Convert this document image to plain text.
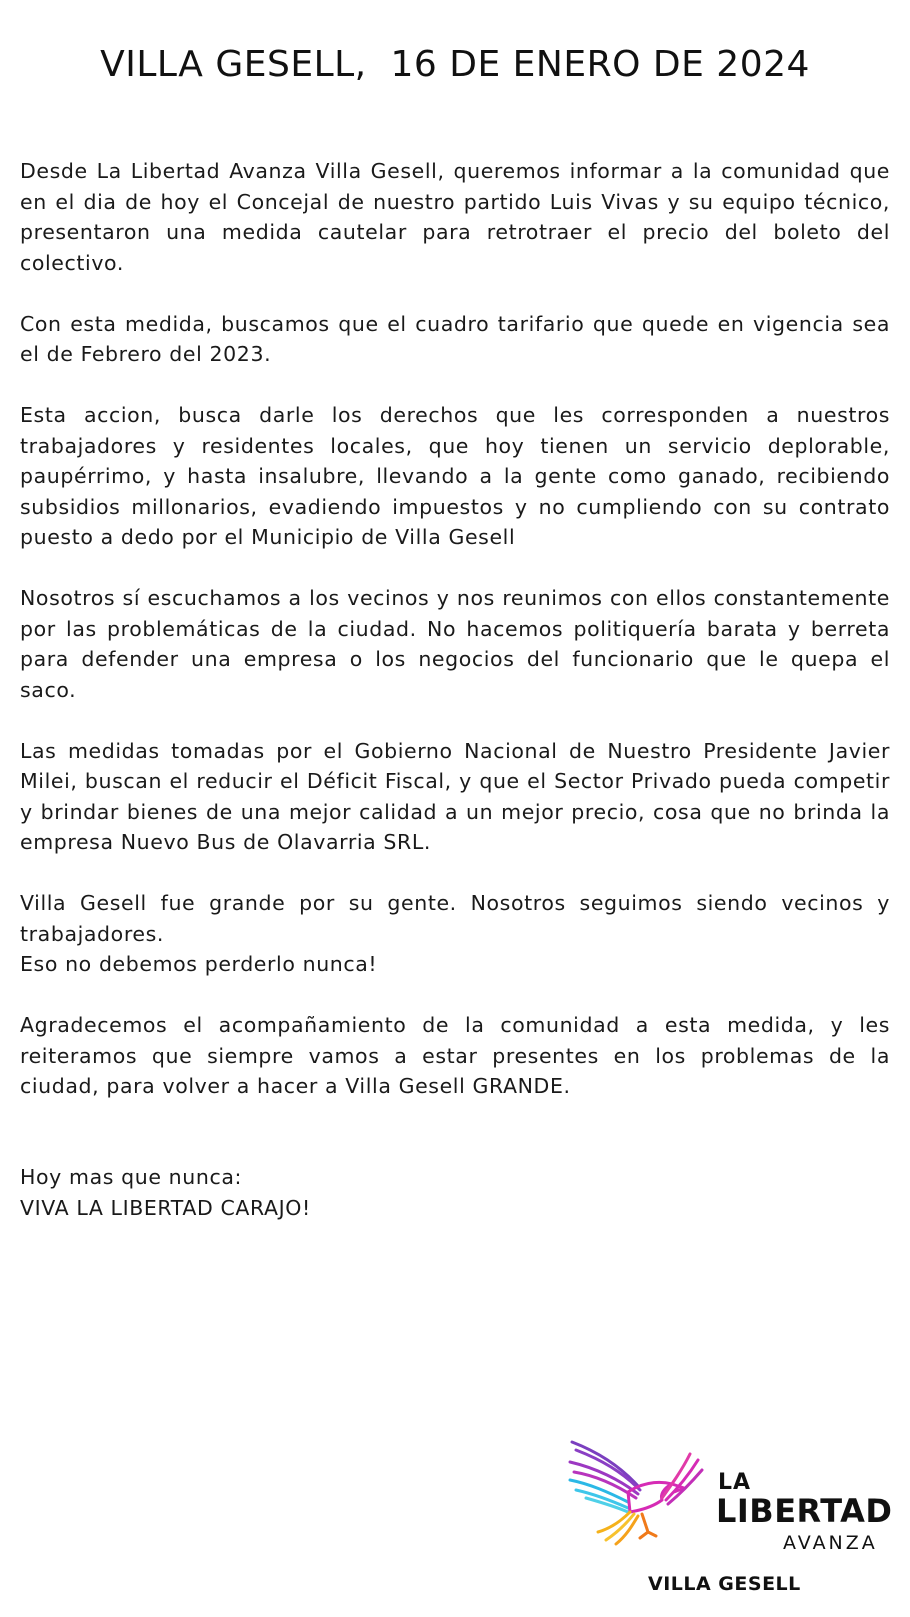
VILLA GESELL,  16 DE ENERO DE 2024

Desde La Libertad Avanza Villa Gesell, queremos informar a la comunidad que en el dia de hoy el Concejal de nuestro partido Luis Vivas y su equipo técnico, presentaron una medida cautelar para retrotraer el precio del boleto del colectivo.

Con esta medida, buscamos que el cuadro tarifario que quede en vigencia sea el de Febrero del 2023.

Esta accion, busca darle los derechos que les corresponden a nuestros trabajadores y residentes locales, que hoy tienen un servicio deplorable, paupérrimo, y hasta insalubre, llevando a la gente como ganado, recibiendo subsidios millonarios, evadiendo impuestos y no cumpliendo con su contrato puesto a dedo por el Municipio de Villa Gesell

Nosotros sí escuchamos a los vecinos y nos reunimos con ellos constantemente por las problemáticas de la ciudad. No hacemos politiquería barata y berreta para defender una empresa o los negocios del funcionario que le quepa el saco.

Las medidas tomadas por el Gobierno Nacional de Nuestro Presidente Javier Milei, buscan el reducir el Déficit Fiscal, y que el Sector Privado pueda competir y brindar bienes de una mejor calidad a un mejor precio, cosa que no brinda la empresa Nuevo Bus de Olavarria SRL.

Villa Gesell fue grande por su gente. Nosotros seguimos siendo vecinos y trabajadores.

Eso no debemos perderlo nunca!

Agradecemos el acompañamiento de la comunidad a esta medida, y les reiteramos que siempre vamos a estar presentes en los problemas de la ciudad, para volver a hacer a Villa Gesell GRANDE.

Hoy mas que nunca:

VIVA LA LIBERTAD CARAJO!

LA
LIBERTAD
AVANZA
VILLA GESELL
